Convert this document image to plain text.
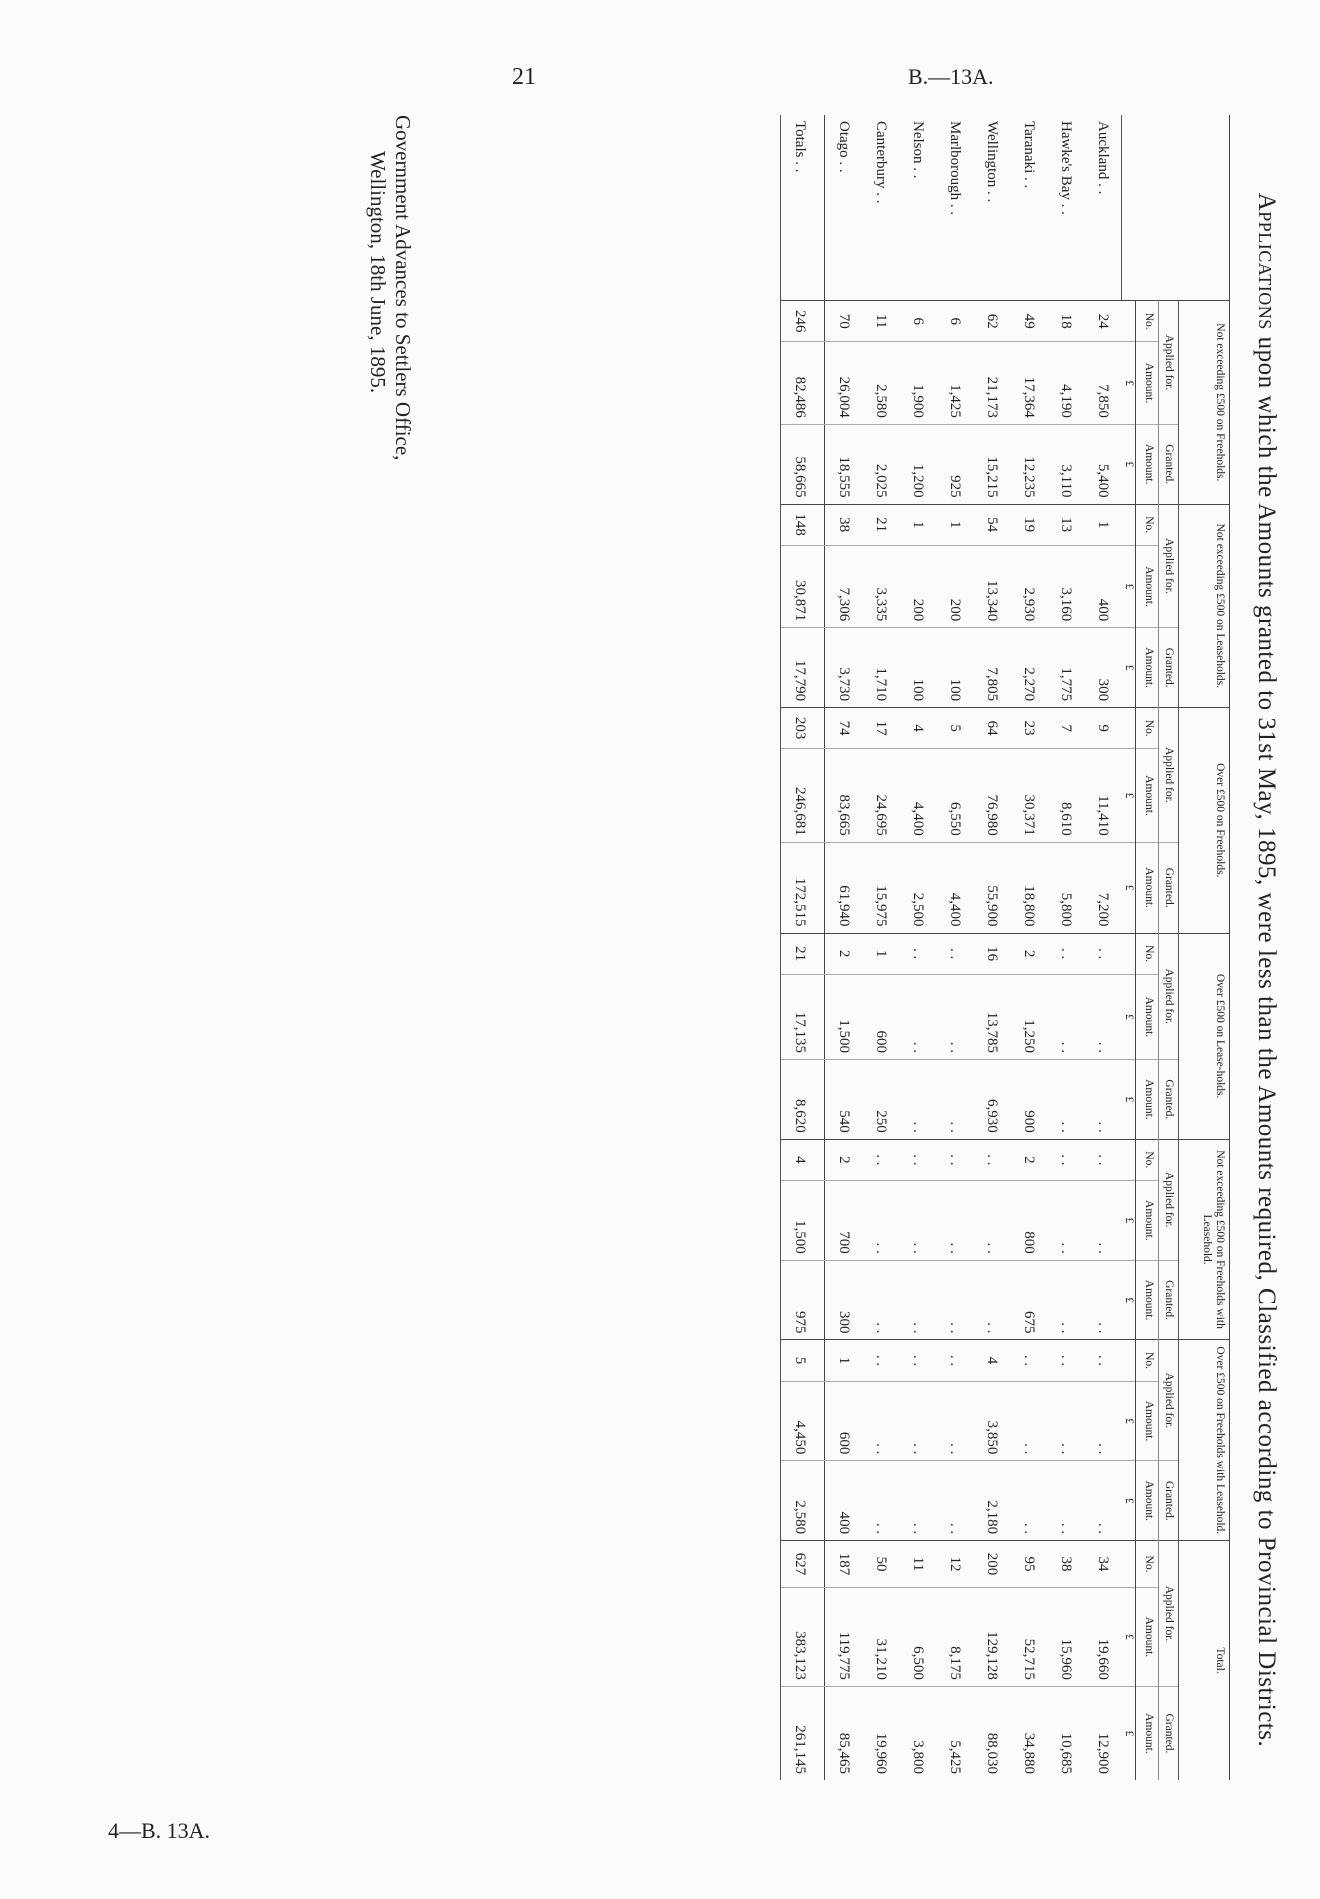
21	B.—13A.
4—B. 13A.
Applications upon which the Amounts granted to 31st May, 1895, were less than the Amounts required, Classified according to Provincial Districts.
	Not exceeding £500 on Freeholds.			Not exceeding £500 on Leaseholds.			Over £500 on Freeholds.			Over £500 on Lease-holds.			Not exceeding £500 on Freeholds with Leasehold.			Over £500 on Freeholds with Leasehold.			Total.		
	Applied for.		Granted.	Applied for.		Granted.	Applied for.		Granted.	Applied for.		Granted.	Applied for.		Granted.	Applied for.		Granted.	Applied for.		Granted.
	No.	Amount.	Amount.	No.	Amount.	Amount.	No.	Amount.	Amount.	No.	Amount.	Amount.	No.	Amount.	Amount.	No.	Amount.	Amount.	No.	Amount.	Amount.
		£	£		£	£		£	£		£	£		£	£		£	£		£	£
Auckland . .	24	7,850	5,400	1	400	300	9	11,410	7,200	. .	. .	. .	. .	. .	. .	. .	. .	. .	34	19,660	12,900
Hawke's Bay . .	18	4,190	3,110	13	3,160	1,775	7	8,610	5,800	. .	. .	. .	. .	. .	. .	. .	. .	. .	38	15,960	10,685
Taranaki . .	49	17,364	12,235	19	2,930	2,270	23	30,371	18,800	2	1,250	900	2	800	675	. .	. .	. .	95	52,715	34,880
Wellington . .	62	21,173	15,215	54	13,340	7,805	64	76,980	55,900	16	13,785	6,930	. .	. .	. .	4	3,850	2,180	200	129,128	88,030
Marlborough . .	6	1,425	925	1	200	100	5	6,550	4,400	. .	. .	. .	. .	. .	. .	. .	. .	. .	12	8,175	5,425
Nelson . .	6	1,900	1,200	1	200	100	4	4,400	2,500	. .	. .	. .	. .	. .	. .	. .	. .	. .	11	6,500	3,800
Canterbury . .	11	2,580	2,025	21	3,335	1,710	17	24,695	15,975	1	600	250	. .	. .	. .	. .	. .	. .	50	31,210	19,960
Otago . .	70	26,004	18,555	38	7,306	3,730	74	83,665	61,940	2	1,500	540	2	700	300	1	600	400	187	119,775	85,465
Totals . .	246	82,486	58,665	148	30,871	17,790	203	246,681	172,515	21	17,135	8,620	4	1,500	975	5	4,450	2,580	627	383,123	261,145
Government Advances to Settlers Office,
Wellington, 18th June, 1895.
